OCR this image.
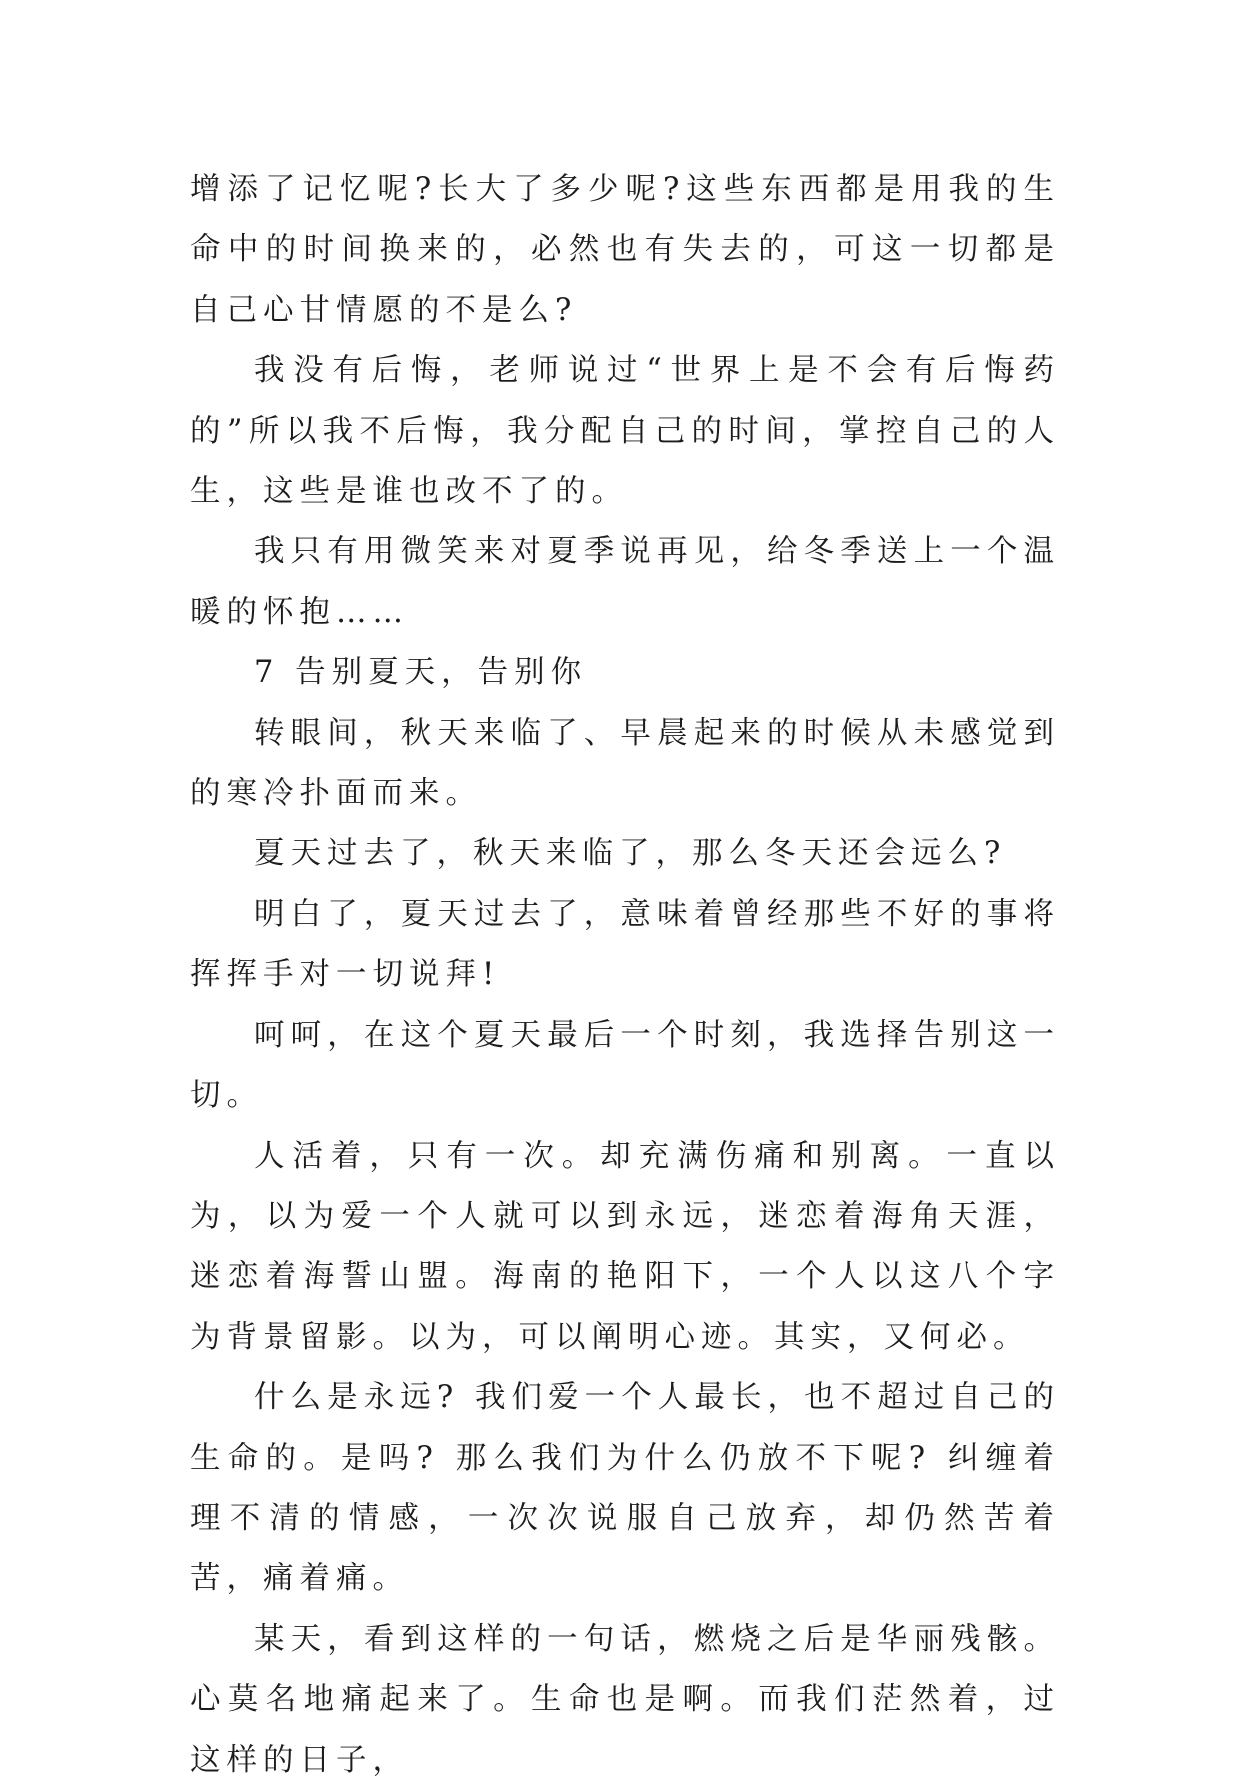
增添了记忆呢?长大了多少呢?这些东西都是用我的生命中的时间换来的，必然也有失去的，可这一切都是自己心甘情愿的不是么?

我没有后悔，老师说过“世界上是不会有后悔药的”所以我不后悔，我分配自己的时间，掌控自己的人生，这些是谁也改不了的。

我只有用微笑来对夏季说再见，给冬季送上一个温暖的怀抱……

7 告别夏天，告别你

转眼间，秋天来临了、早晨起来的时候从未感觉到的寒冷扑面而来。

夏天过去了，秋天来临了，那么冬天还会远么?

明白了，夏天过去了，意味着曾经那些不好的事将挥挥手对一切说拜!

呵呵，在这个夏天最后一个时刻，我选择告别这一切。

人活着，只有一次。却充满伤痛和别离。一直以为，以为爱一个人就可以到永远，迷恋着海角天涯，迷恋着海誓山盟。海南的艳阳下，一个人以这八个字为背景留影。以为，可以阐明心迹。其实，又何必。

什么是永远? 我们爱一个人最长，也不超过自己的生命的。是吗? 那么我们为什么仍放不下呢? 纠缠着理不清的情感，一次次说服自己放弃，却仍然苦着苦，痛着痛。

某天，看到这样的一句话，燃烧之后是华丽残骸。心莫名地痛起来了。生命也是啊。而我们茫然着，过这样的日子，
